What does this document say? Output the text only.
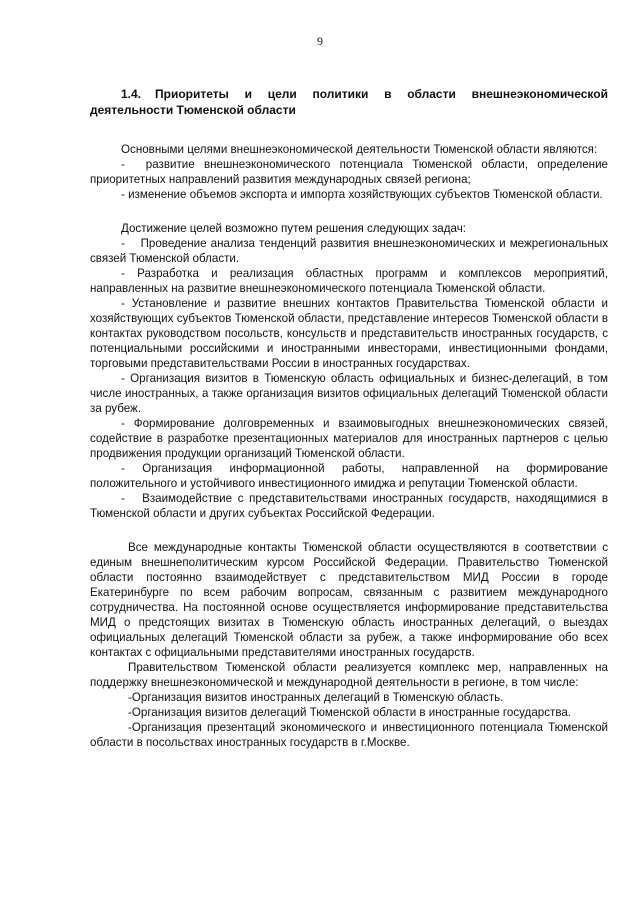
9
1.4. Приоритеты и цели политики в области внешнеэкономической деятельности Тюменской области

Основными целями внешнеэкономической деятельности Тюменской области являются:

-  развитие внешнеэкономического потенциала Тюменской области, определение приоритетных направлений развития международных связей региона;

- изменение объемов экспорта и импорта хозяйствующих субъектов Тюменской области.

Достижение целей возможно путем решения следующих задач:

-  Проведение анализа тенденций развития внешнеэкономических и межрегиональных связей Тюменской области.

- Разработка и реализация областных программ и комплексов мероприятий, направленных на развитие внешнеэкономического потенциала Тюменской области.

- Установление и развитие внешних контактов Правительства Тюменской области и хозяйствующих субъектов Тюменской области, представление интересов Тюменской области в контактах руководством посольств, консульств и представительств иностранных государств, с потенциальными российскими и иностранными инвесторами, инвестиционными фондами, торговыми представительствами России в иностранных государствах.

- Организация визитов в Тюменскую область официальных и бизнес-делегаций, в том числе иностранных, а также организация визитов официальных делегаций Тюменской области за рубеж.

- Формирование долговременных и взаимовыгодных внешнеэкономических связей, содействие в разработке презентационных материалов для иностранных партнеров с целью продвижения продукции организаций Тюменской области.

- Организация информационной работы, направленной на формирование положительного и устойчивого инвестиционного имиджа и репутации Тюменской области.

-  Взаимодействие с представительствами иностранных государств, находящимися в Тюменской области и других субъектах Российской Федерации.

Все международные контакты Тюменской области осуществляются в соответствии с единым внешнеполитическим курсом Российской Федерации. Правительство Тюменской области постоянно взаимодействует с представительством МИД России в городе Екатеринбурге по всем рабочим вопросам, связанным с развитием международного сотрудничества. На постоянной основе осуществляется информирование представительства МИД о предстоящих визитах в Тюменскую область иностранных делегаций, о выездах официальных делегаций Тюменской области за рубеж, а также информирование обо всех контактах с официальными представителями иностранных государств.

Правительством Тюменской области реализуется комплекс мер, направленных на поддержку внешнеэкономической и международной деятельности в регионе, в том числе:

-Организация визитов иностранных делегаций в Тюменскую область.

-Организация визитов делегаций Тюменской области в иностранные государства.

-Организация презентаций экономического и инвестиционного потенциала Тюменской области в посольствах иностранных государств в г.Москве.
